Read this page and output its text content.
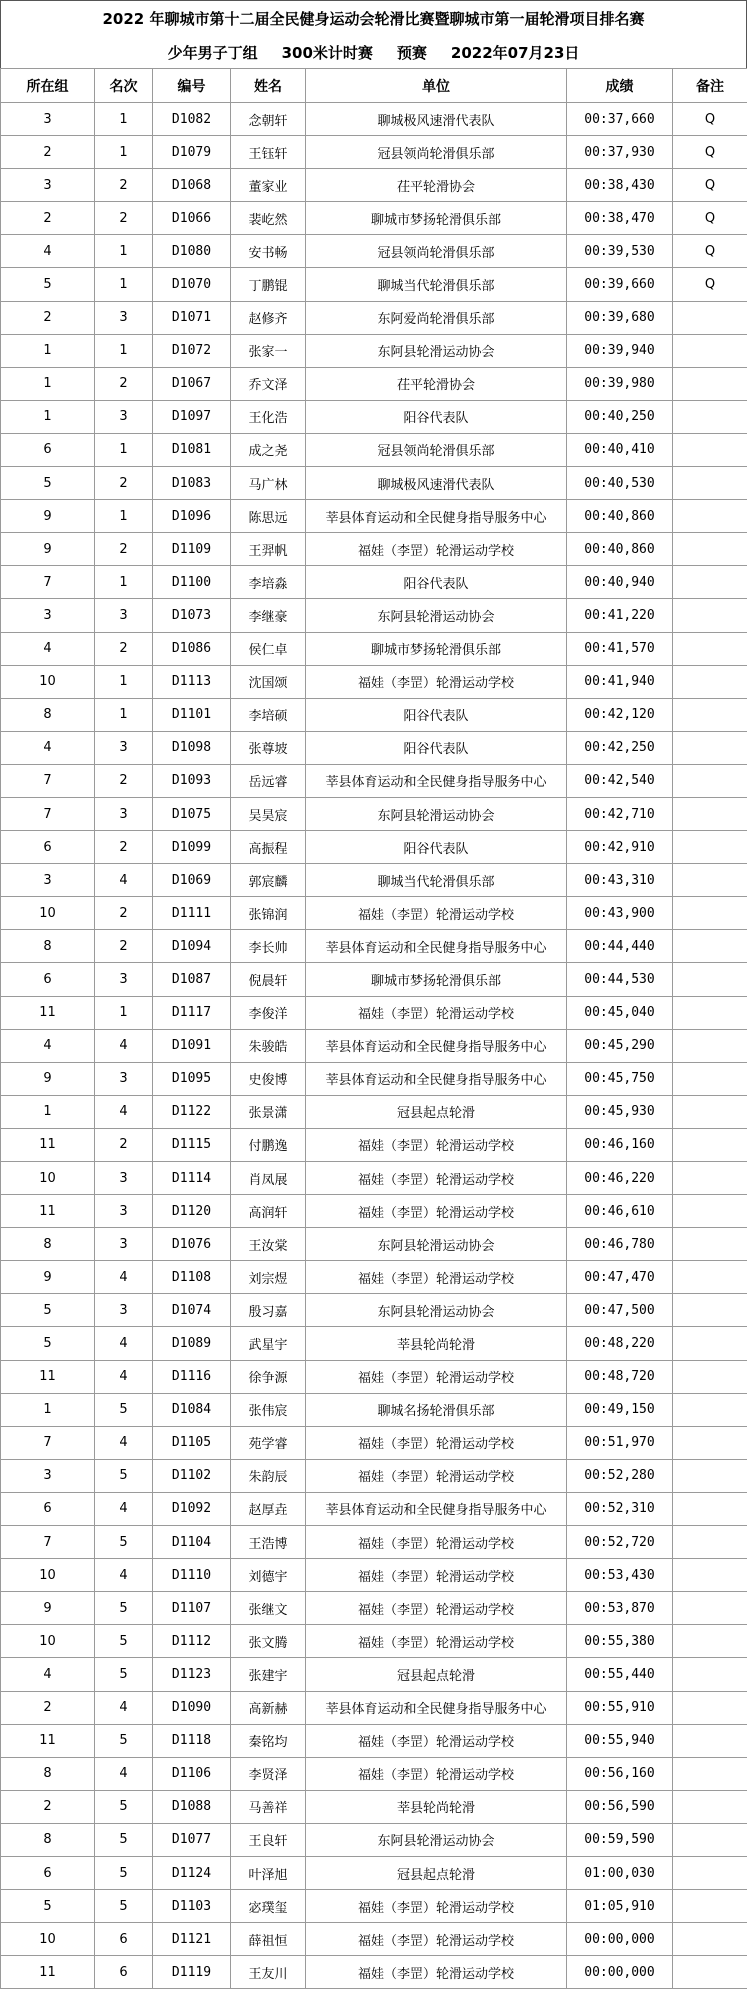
2022 年聊城市第十二届全民健身运动会轮滑比赛暨聊城市第一届轮滑项目排名赛
少年男子丁组 300米计时赛 预赛 2022年07月23日
所在组	名次	编号	姓名	单位	成绩	备注
3	1	D1082	念朝轩	聊城极风速滑代表队	00:37,660	Q
2	1	D1079	王钰轩	冠县领尚轮滑俱乐部	00:37,930	Q
3	2	D1068	董家业	茌平轮滑协会	00:38,430	Q
2	2	D1066	裴屹然	聊城市梦扬轮滑俱乐部	00:38,470	Q
4	1	D1080	安书畅	冠县领尚轮滑俱乐部	00:39,530	Q
5	1	D1070	丁鹏锟	聊城当代轮滑俱乐部	00:39,660	Q
2	3	D1071	赵修齐	东阿爱尚轮滑俱乐部	00:39,680	
1	1	D1072	张家一	东阿县轮滑运动协会	00:39,940	
1	2	D1067	乔文泽	茌平轮滑协会	00:39,980	
1	3	D1097	王化浩	阳谷代表队	00:40,250	
6	1	D1081	成之尧	冠县领尚轮滑俱乐部	00:40,410	
5	2	D1083	马广林	聊城极风速滑代表队	00:40,530	
9	1	D1096	陈思远	莘县体育运动和全民健身指导服务中心	00:40,860	
9	2	D1109	王羿帆	福娃（李罡）轮滑运动学校	00:40,860	
7	1	D1100	李培淼	阳谷代表队	00:40,940	
3	3	D1073	李继豪	东阿县轮滑运动协会	00:41,220	
4	2	D1086	侯仁卓	聊城市梦扬轮滑俱乐部	00:41,570	
10	1	D1113	沈国颂	福娃（李罡）轮滑运动学校	00:41,940	
8	1	D1101	李培硕	阳谷代表队	00:42,120	
4	3	D1098	张尊坡	阳谷代表队	00:42,250	
7	2	D1093	岳远睿	莘县体育运动和全民健身指导服务中心	00:42,540	
7	3	D1075	吴昊宸	东阿县轮滑运动协会	00:42,710	
6	2	D1099	高振程	阳谷代表队	00:42,910	
3	4	D1069	郭宸麟	聊城当代轮滑俱乐部	00:43,310	
10	2	D1111	张锦润	福娃（李罡）轮滑运动学校	00:43,900	
8	2	D1094	李长帅	莘县体育运动和全民健身指导服务中心	00:44,440	
6	3	D1087	倪晨轩	聊城市梦扬轮滑俱乐部	00:44,530	
11	1	D1117	李俊洋	福娃（李罡）轮滑运动学校	00:45,040	
4	4	D1091	朱骏皓	莘县体育运动和全民健身指导服务中心	00:45,290	
9	3	D1095	史俊博	莘县体育运动和全民健身指导服务中心	00:45,750	
1	4	D1122	张景潇	冠县起点轮滑	00:45,930	
11	2	D1115	付鹏逸	福娃（李罡）轮滑运动学校	00:46,160	
10	3	D1114	肖凤展	福娃（李罡）轮滑运动学校	00:46,220	
11	3	D1120	高润轩	福娃（李罡）轮滑运动学校	00:46,610	
8	3	D1076	王汝棠	东阿县轮滑运动协会	00:46,780	
9	4	D1108	刘宗煜	福娃（李罡）轮滑运动学校	00:47,470	
5	3	D1074	殷习嘉	东阿县轮滑运动协会	00:47,500	
5	4	D1089	武星宇	莘县轮尚轮滑	00:48,220	
11	4	D1116	徐争源	福娃（李罡）轮滑运动学校	00:48,720	
1	5	D1084	张伟宸	聊城名扬轮滑俱乐部	00:49,150	
7	4	D1105	苑学睿	福娃（李罡）轮滑运动学校	00:51,970	
3	5	D1102	朱韵辰	福娃（李罡）轮滑运动学校	00:52,280	
6	4	D1092	赵厚垚	莘县体育运动和全民健身指导服务中心	00:52,310	
7	5	D1104	王浩博	福娃（李罡）轮滑运动学校	00:52,720	
10	4	D1110	刘德宇	福娃（李罡）轮滑运动学校	00:53,430	
9	5	D1107	张继文	福娃（李罡）轮滑运动学校	00:53,870	
10	5	D1112	张文腾	福娃（李罡）轮滑运动学校	00:55,380	
4	5	D1123	张建宇	冠县起点轮滑	00:55,440	
2	4	D1090	高新赫	莘县体育运动和全民健身指导服务中心	00:55,910	
11	5	D1118	秦铭均	福娃（李罡）轮滑运动学校	00:55,940	
8	4	D1106	李贤泽	福娃（李罡）轮滑运动学校	00:56,160	
2	5	D1088	马善祥	莘县轮尚轮滑	00:56,590	
8	5	D1077	王良轩	东阿县轮滑运动协会	00:59,590	
6	5	D1124	叶泽旭	冠县起点轮滑	01:00,030	
5	5	D1103	宓璞玺	福娃（李罡）轮滑运动学校	01:05,910	
10	6	D1121	薛祖恒	福娃（李罡）轮滑运动学校	00:00,000	
11	6	D1119	王友川	福娃（李罡）轮滑运动学校	00:00,000	
